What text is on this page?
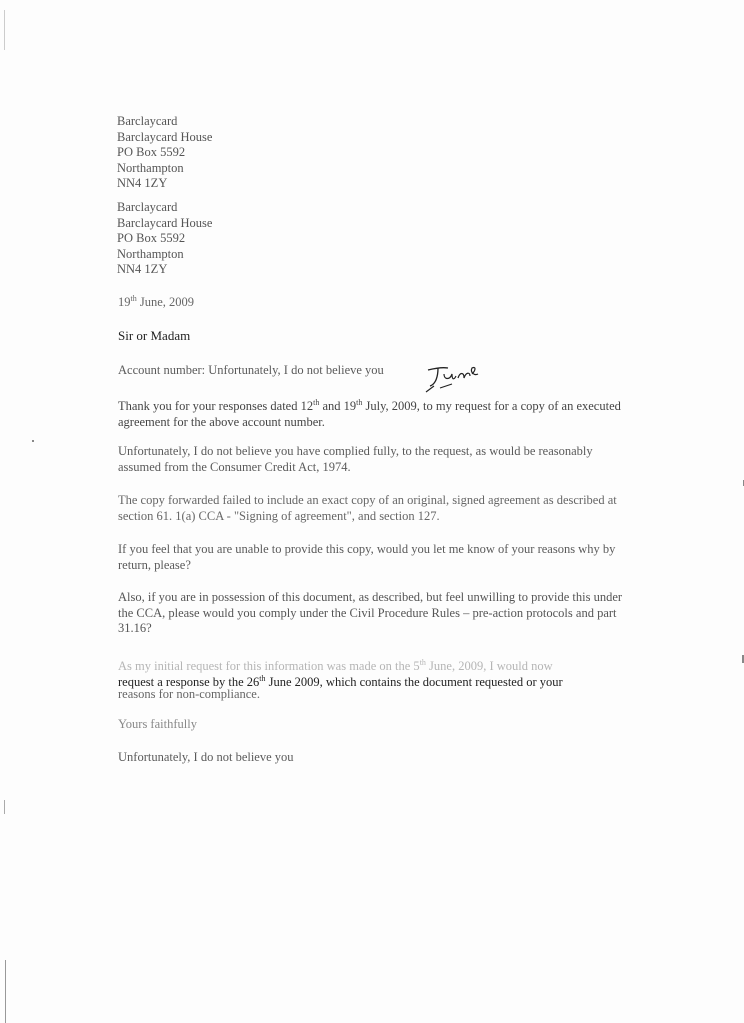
Barclaycard
Barclaycard House
PO Box 5592
Northampton
NN4 1ZY
Barclaycard
Barclaycard House
PO Box 5592
Northampton
NN4 1ZY
19th June, 2009
Sir or Madam
Account number: Unfortunately, I do not believe you
June
Thank you for your responses dated 12th and 19th July, 2009, to my request for a copy of an executed agreement for the above account number.
Unfortunately, I do not believe you have complied fully, to the request, as would be reasonably assumed from the Consumer Credit Act, 1974.
The copy forwarded failed to include an exact copy of an original, signed agreement as described at section 61. 1(a) CCA - "Signing of agreement", and section 127.
If you feel that you are unable to provide this copy, would you let me know of your reasons why by return, please?
Also, if you are in possession of this document, as described, but feel unwilling to provide this under the CCA, please would you comply under the Civil Procedure Rules – pre-action protocols and part 31.16?
As my initial request for this information was made on the 5th June, 2009, I would now
request a response by the 26th June 2009, which contains the document requested or your
reasons for non-compliance.
Yours faithfully
Unfortunately, I do not believe you
